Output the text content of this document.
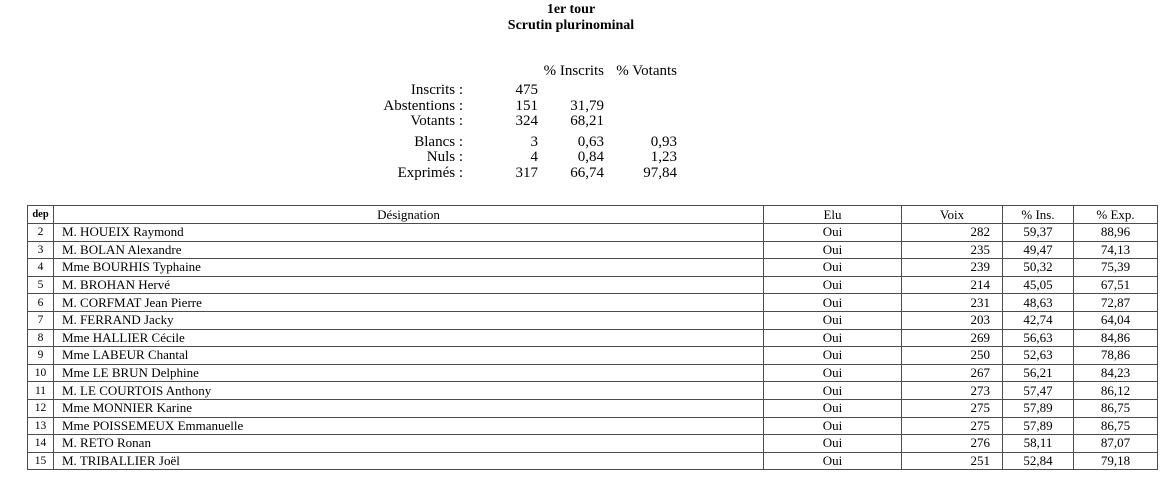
1er tour
Scrutin plurinominal
		% Inscrits	% Votants
Inscrits :	475		
Abstentions :	151	31,79	
Votants :	324	68,21	
Blancs :	3	0,63	0,93
Nuls :	4	0,84	1,23
Exprimés :	317	66,74	97,84
dep	Désignation	Elu	Voix	% Ins.	% Exp.
2	M. HOUEIX Raymond	Oui	282	59,37	88,96
3	M. BOLAN Alexandre	Oui	235	49,47	74,13
4	Mme BOURHIS Typhaine	Oui	239	50,32	75,39
5	M. BROHAN Hervé	Oui	214	45,05	67,51
6	M. CORFMAT Jean Pierre	Oui	231	48,63	72,87
7	M. FERRAND Jacky	Oui	203	42,74	64,04
8	Mme HALLIER Cécile	Oui	269	56,63	84,86
9	Mme LABEUR Chantal	Oui	250	52,63	78,86
10	Mme LE BRUN Delphine	Oui	267	56,21	84,23
11	M. LE COURTOIS Anthony	Oui	273	57,47	86,12
12	Mme MONNIER Karine	Oui	275	57,89	86,75
13	Mme POISSEMEUX Emmanuelle	Oui	275	57,89	86,75
14	M. RETO Ronan	Oui	276	58,11	87,07
15	M. TRIBALLIER Joël	Oui	251	52,84	79,18
